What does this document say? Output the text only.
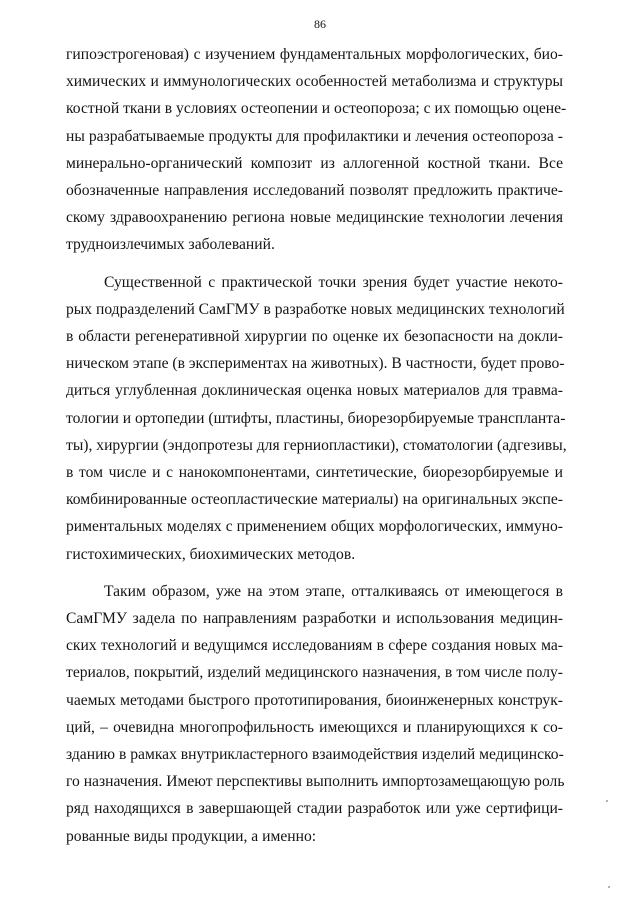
86
гипоэстрогеновая) с изучением фундаментальных морфологических, био-
химических и иммунологических особенностей метаболизма и структуры
костной ткани в условиях остеопении и остеопороза; с их помощью оцене-
ны разрабатываемые продукты для профилактики и лечения остеопороза -
минерально-органический композит из аллогенной костной ткани. Все
обозначенные направления исследований позволят предложить практиче-
скому здравоохранению региона новые медицинские технологии лечения
трудноизлечимых заболеваний.
Существенной с практической точки зрения будет участие некото-
рых подразделений СамГМУ в разработке новых медицинских технологий
в области регенеративной хирургии по оценке их безопасности на докли-
ническом этапе (в экспериментах на животных). В частности, будет прово-
диться углубленная доклиническая оценка новых материалов для травма-
тологии и ортопедии (штифты, пластины, биорезорбируемые транспланта-
ты), хирургии (эндопротезы для герниопластики), стоматологии (адгезивы,
в том числе и с нанокомпонентами, синтетические, биорезорбируемые и
комбинированные остеопластические материалы) на оригинальных экспе-
риментальных моделях с применением общих морфологических, иммуно-
гистохимических, биохимических методов.
Таким образом, уже на этом этапе, отталкиваясь от имеющегося в
СамГМУ задела по направлениям разработки и использования медицин-
ских технологий и ведущимся исследованиям в сфере создания новых ма-
териалов, покрытий, изделий медицинского назначения, в том числе полу-
чаемых методами быстрого прототипирования, биоинженерных конструк-
ций, – очевидна многопрофильность имеющихся и планирующихся к со-
зданию в рамках внутрикластерного взаимодействия изделий медицинско-
го назначения. Имеют перспективы выполнить импортозамещающую роль
ряд находящихся в завершающей стадии разработок или уже сертифици-
рованные виды продукции, а именно:
